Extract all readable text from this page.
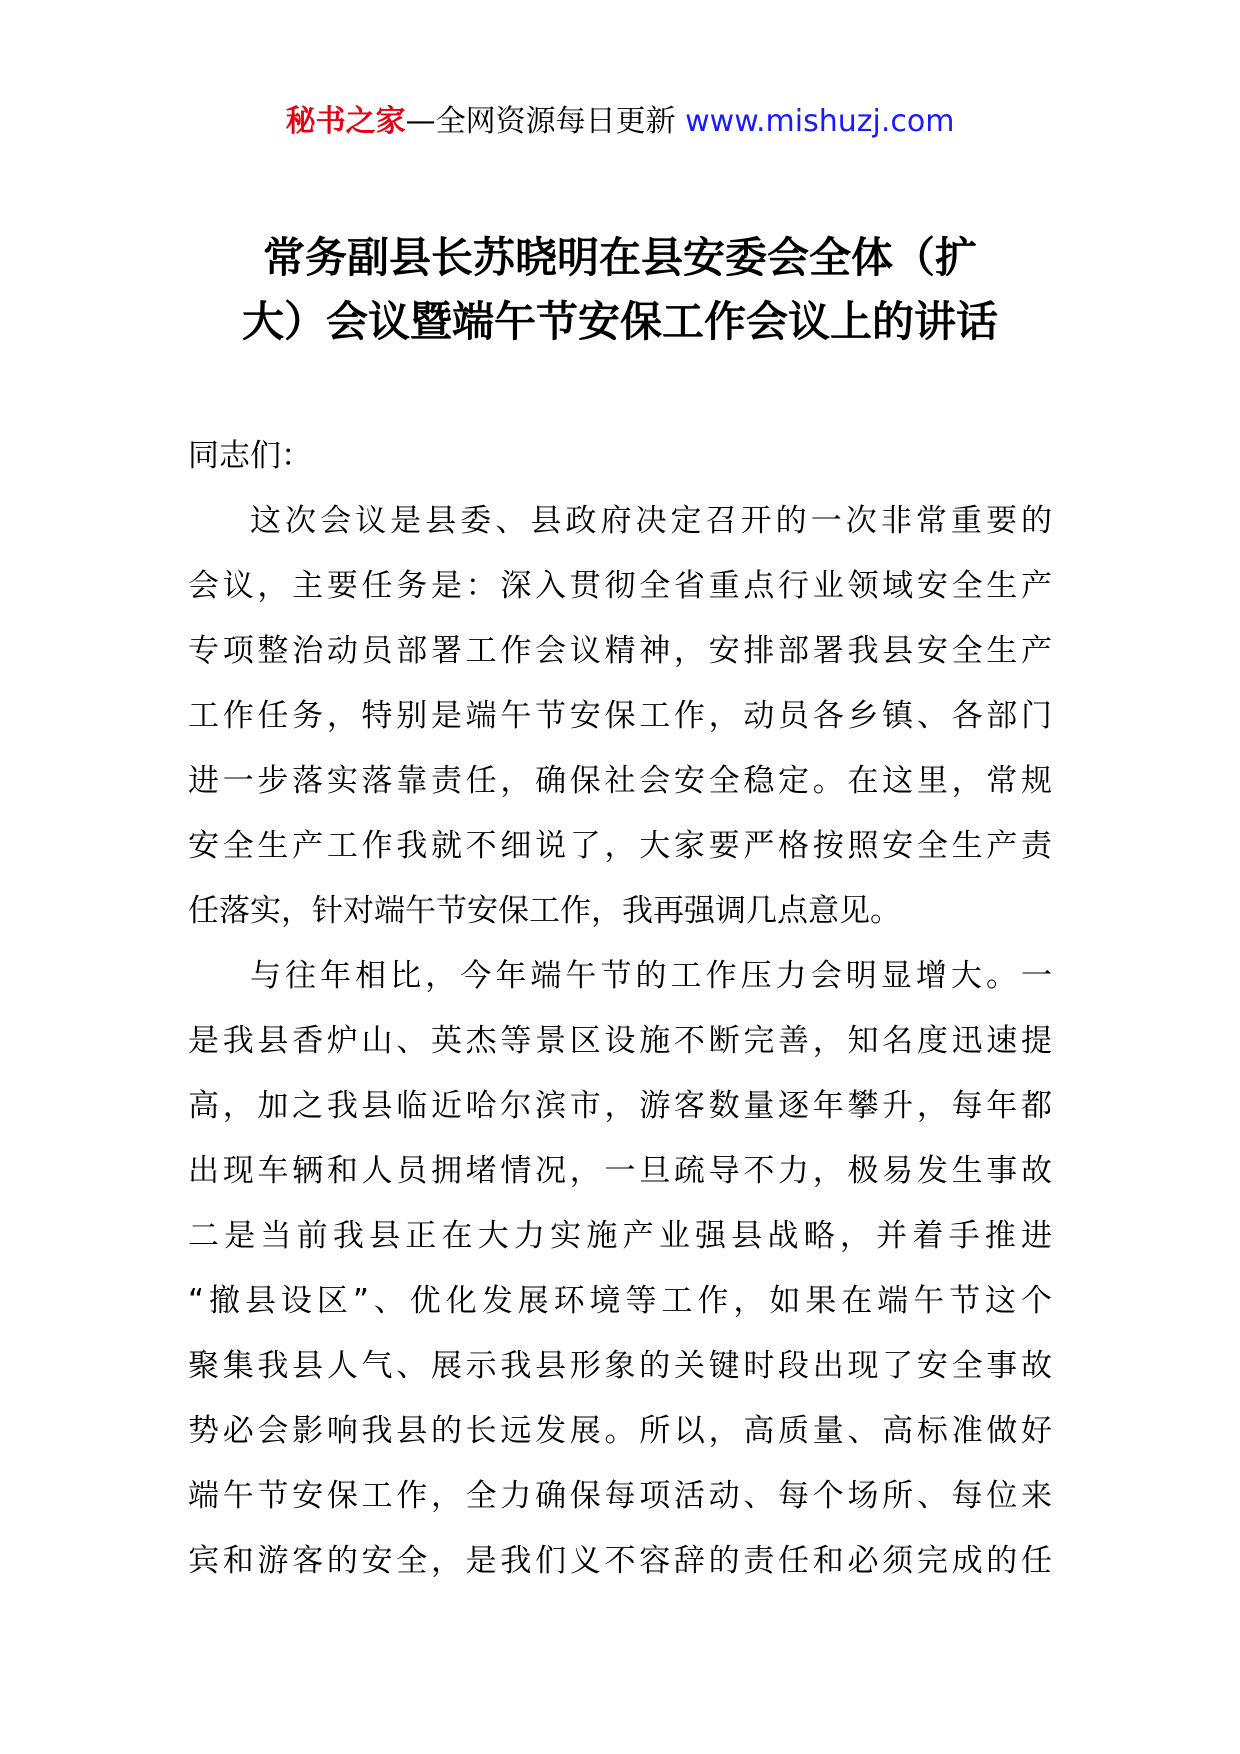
秘书之家—全网资源每日更新 www.mishuzj.com
常务副县长苏晓明在县安委会全体（扩
大）会议暨端午节安保工作会议上的讲话
同志们：
这次会议是县委、县政府决定召开的一次非常重要的
会议，主要任务是：深入贯彻全省重点行业领域安全生产
专项整治动员部署工作会议精神，安排部署我县安全生产
工作任务，特别是端午节安保工作，动员各乡镇、各部门
进一步落实落靠责任，确保社会安全稳定。在这里，常规
安全生产工作我就不细说了，大家要严格按照安全生产责
任落实，针对端午节安保工作，我再强调几点意见。
与往年相比，今年端午节的工作压力会明显增大。一
是我县香炉山、英杰等景区设施不断完善，知名度迅速提
高，加之我县临近哈尔滨市，游客数量逐年攀升，每年都
出现车辆和人员拥堵情况，一旦疏导不力，极易发生事故
二是当前我县正在大力实施产业强县战略，并着手推进
“撤县设区”、优化发展环境等工作，如果在端午节这个
聚集我县人气、展示我县形象的关键时段出现了安全事故
势必会影响我县的长远发展。所以，高质量、高标准做好
端午节安保工作，全力确保每项活动、每个场所、每位来
宾和游客的安全，是我们义不容辞的责任和必须完成的任
